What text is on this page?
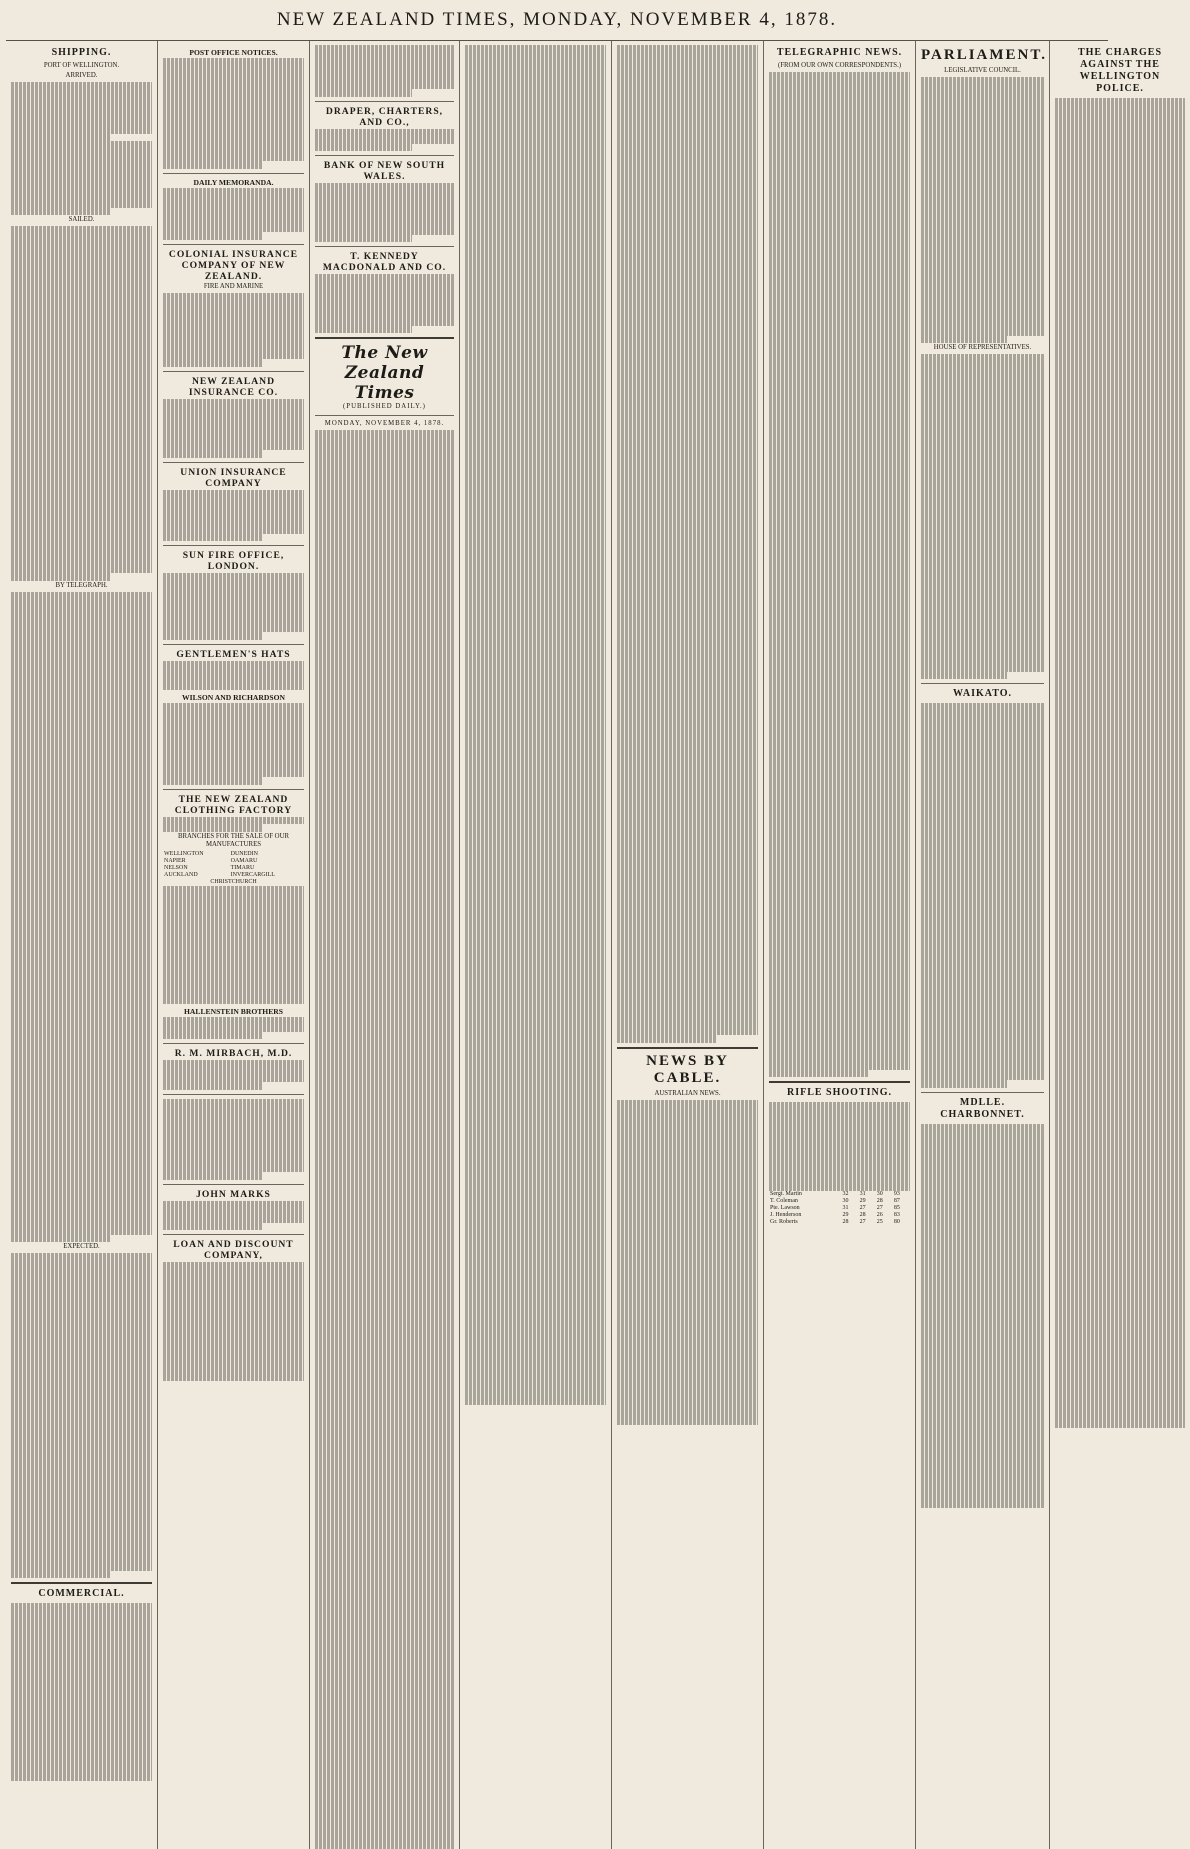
NEW ZEALAND TIMES, MONDAY, NOVEMBER 4, 1878.
SHIPPING.
PORT OF WELLINGTON.
ARRIVED.
SAILED.
BY TELEGRAPH.
EXPECTED.
COMMERCIAL.
POST OFFICE NOTICES.
DAILY MEMORANDA.
COLONIAL INSURANCE COMPANY OF NEW ZEALAND.
FIRE AND MARINE
NEW ZEALAND INSURANCE CO.
UNION INSURANCE COMPANY
SUN FIRE OFFICE, LONDON.
GENTLEMEN'S HATS
WILSON AND RICHARDSON
THE NEW ZEALAND CLOTHING FACTORY
BRANCHES FOR THE SALE OF OUR MANUFACTURES
WELLINGTON	DUNEDIN
NAPIER	OAMARU
NELSON	TIMARU
AUCKLAND	INVERCARGILL
CHRISTCHURCH	
HALLENSTEIN BROTHERS
R. M. MIRBACH, M.D.
JOHN MARKS
LOAN AND DISCOUNT COMPANY,
DRAPER, CHARTERS, AND CO.,
BANK OF NEW SOUTH WALES.
T. KENNEDY MACDONALD AND CO.
The New Zealand Times
(PUBLISHED DAILY.)
MONDAY, NOVEMBER 4, 1878.
NEWS BY CABLE.
AUSTRALIAN NEWS.
TELEGRAPHIC NEWS.
(FROM OUR OWN CORRESPONDENTS.)
RIFLE SHOOTING.
Sergt. Martin	32	31	30	93
T. Coleman	30	29	28	87
Pte. Lawson	31	27	27	85
J. Henderson	29	28	26	83
Gr. Roberts	28	27	25	80
PARLIAMENT.
LEGISLATIVE COUNCIL.
HOUSE OF REPRESENTATIVES.
WAIKATO.
MDLLE. CHARBONNET.
THE CHARGES AGAINST THE WELLINGTON POLICE.
